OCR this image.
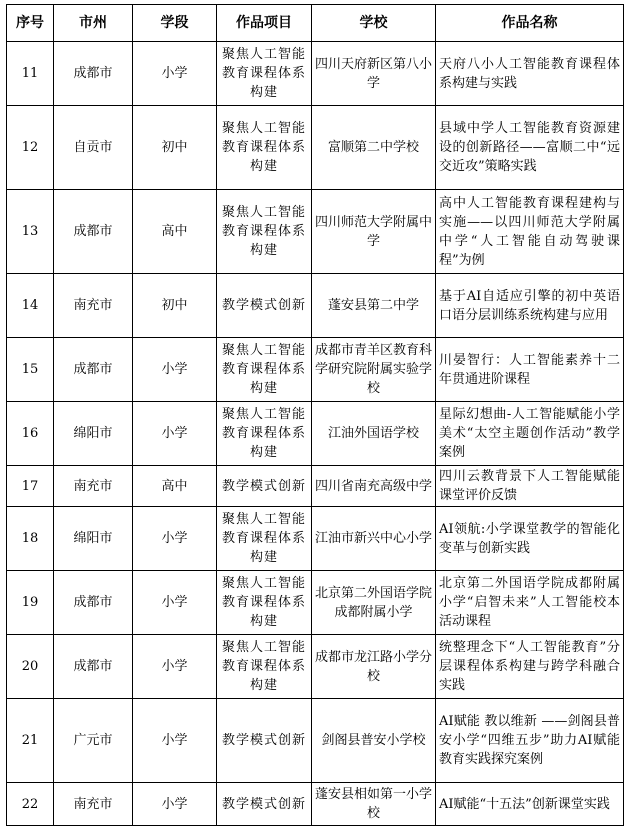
序号	市州	学段	作品项目	学校	作品名称
11	成都市	小学	聚焦人工智能教育课程体系构建	四川天府新区第八小学	天府八小人工智能教育课程体系构建与实践
12	自贡市	初中	聚焦人工智能教育课程体系构建	富顺第二中学校	县域中学人工智能教育资源建设的创新路径——富顺二中“远交近攻”策略实践
13	成都市	高中	聚焦人工智能教育课程体系构建	四川师范大学附属中学	高中人工智能教育课程建构与实施——以四川师范大学附属中学“人工智能自动驾驶课程”为例
14	南充市	初中	教学模式创新	蓬安县第二中学	基于AI自适应引擎的初中英语口语分层训练系统构建与应用
15	成都市	小学	聚焦人工智能教育课程体系构建	成都市青羊区教育科学研究院附属实验学校	川晏智行：人工智能素养十二年贯通进阶课程
16	绵阳市	小学	聚焦人工智能教育课程体系构建	江油外国语学校	星际幻想曲-人工智能赋能小学美术“太空主题创作活动”教学案例
17	南充市	高中	教学模式创新	四川省南充高级中学	四川云教背景下人工智能赋能课堂评价反馈
18	绵阳市	小学	聚焦人工智能教育课程体系构建	江油市新兴中心小学	AI领航:小学课堂教学的智能化变革与创新实践
19	成都市	小学	聚焦人工智能教育课程体系构建	北京第二外国语学院成都附属小学	北京第二外国语学院成都附属小学“启智未来”人工智能校本活动课程
20	成都市	小学	聚焦人工智能教育课程体系构建	成都市龙江路小学分校	统整理念下“人工智能教育”分层课程体系构建与跨学科融合实践
21	广元市	小学	教学模式创新	剑阁县普安小学校	AI赋能 教以维新 ——剑阁县普安小学“四维五步”助力AI赋能教育实践探究案例
22	南充市	小学	教学模式创新	蓬安县相如第一小学校	AI赋能“十五法”创新课堂实践
